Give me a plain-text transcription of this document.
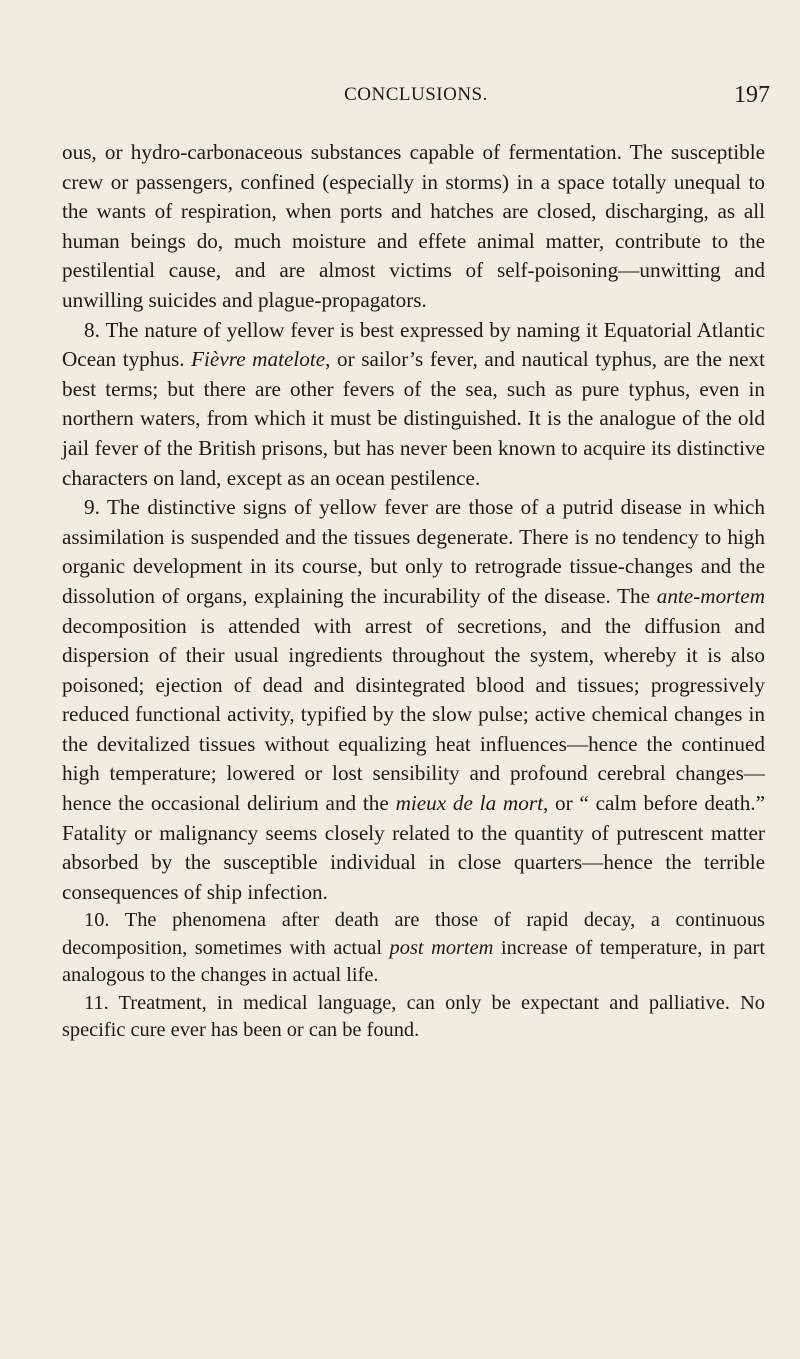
CONCLUSIONS.	197

ous, or hydro-carbonaceous substances capable of fermentation. The susceptible crew or passengers, confined (especially in storms) in a space totally unequal to the wants of respiration, when ports and hatches are closed, discharging, as all human beings do, much moisture and effete animal matter, contribute to the pestilential cause, and are almost victims of self-poisoning—unwitting and unwilling suicides and plague-propagators.

8. The nature of yellow fever is best expressed by naming it Equatorial Atlantic Ocean typhus. Fièvre matelote, or sailor’s fever, and nautical typhus, are the next best terms; but there are other fevers of the sea, such as pure typhus, even in northern waters, from which it must be distinguished. It is the analogue of the old jail fever of the British prisons, but has never been known to acquire its distinctive characters on land, except as an ocean pestilence.

9. The distinctive signs of yellow fever are those of a putrid disease in which assimilation is suspended and the tissues degenerate. There is no tendency to high organic development in its course, but only to retrograde tissue-changes and the dissolution of organs, explaining the incurability of the disease. The ante-mortem decomposition is attended with arrest of secretions, and the diffusion and dispersion of their usual ingredients throughout the system, whereby it is also poisoned; ejection of dead and disintegrated blood and tissues; progressively reduced functional activity, typified by the slow pulse; active chemical changes in the devitalized tissues without equalizing heat influences—hence the continued high temperature; lowered or lost sensibility and profound cerebral changes—hence the occasional delirium and the mieux de la mort, or “ calm before death.” Fatality or malignancy seems closely related to the quantity of putrescent matter absorbed by the susceptible individual in close quarters—hence the terrible consequences of ship infection.

10. The phenomena after death are those of rapid decay, a continuous decomposition, sometimes with actual post mortem increase of temperature, in part analogous to the changes in actual life.

11. Treatment, in medical language, can only be expectant and palliative. No specific cure ever has been or can be found.
